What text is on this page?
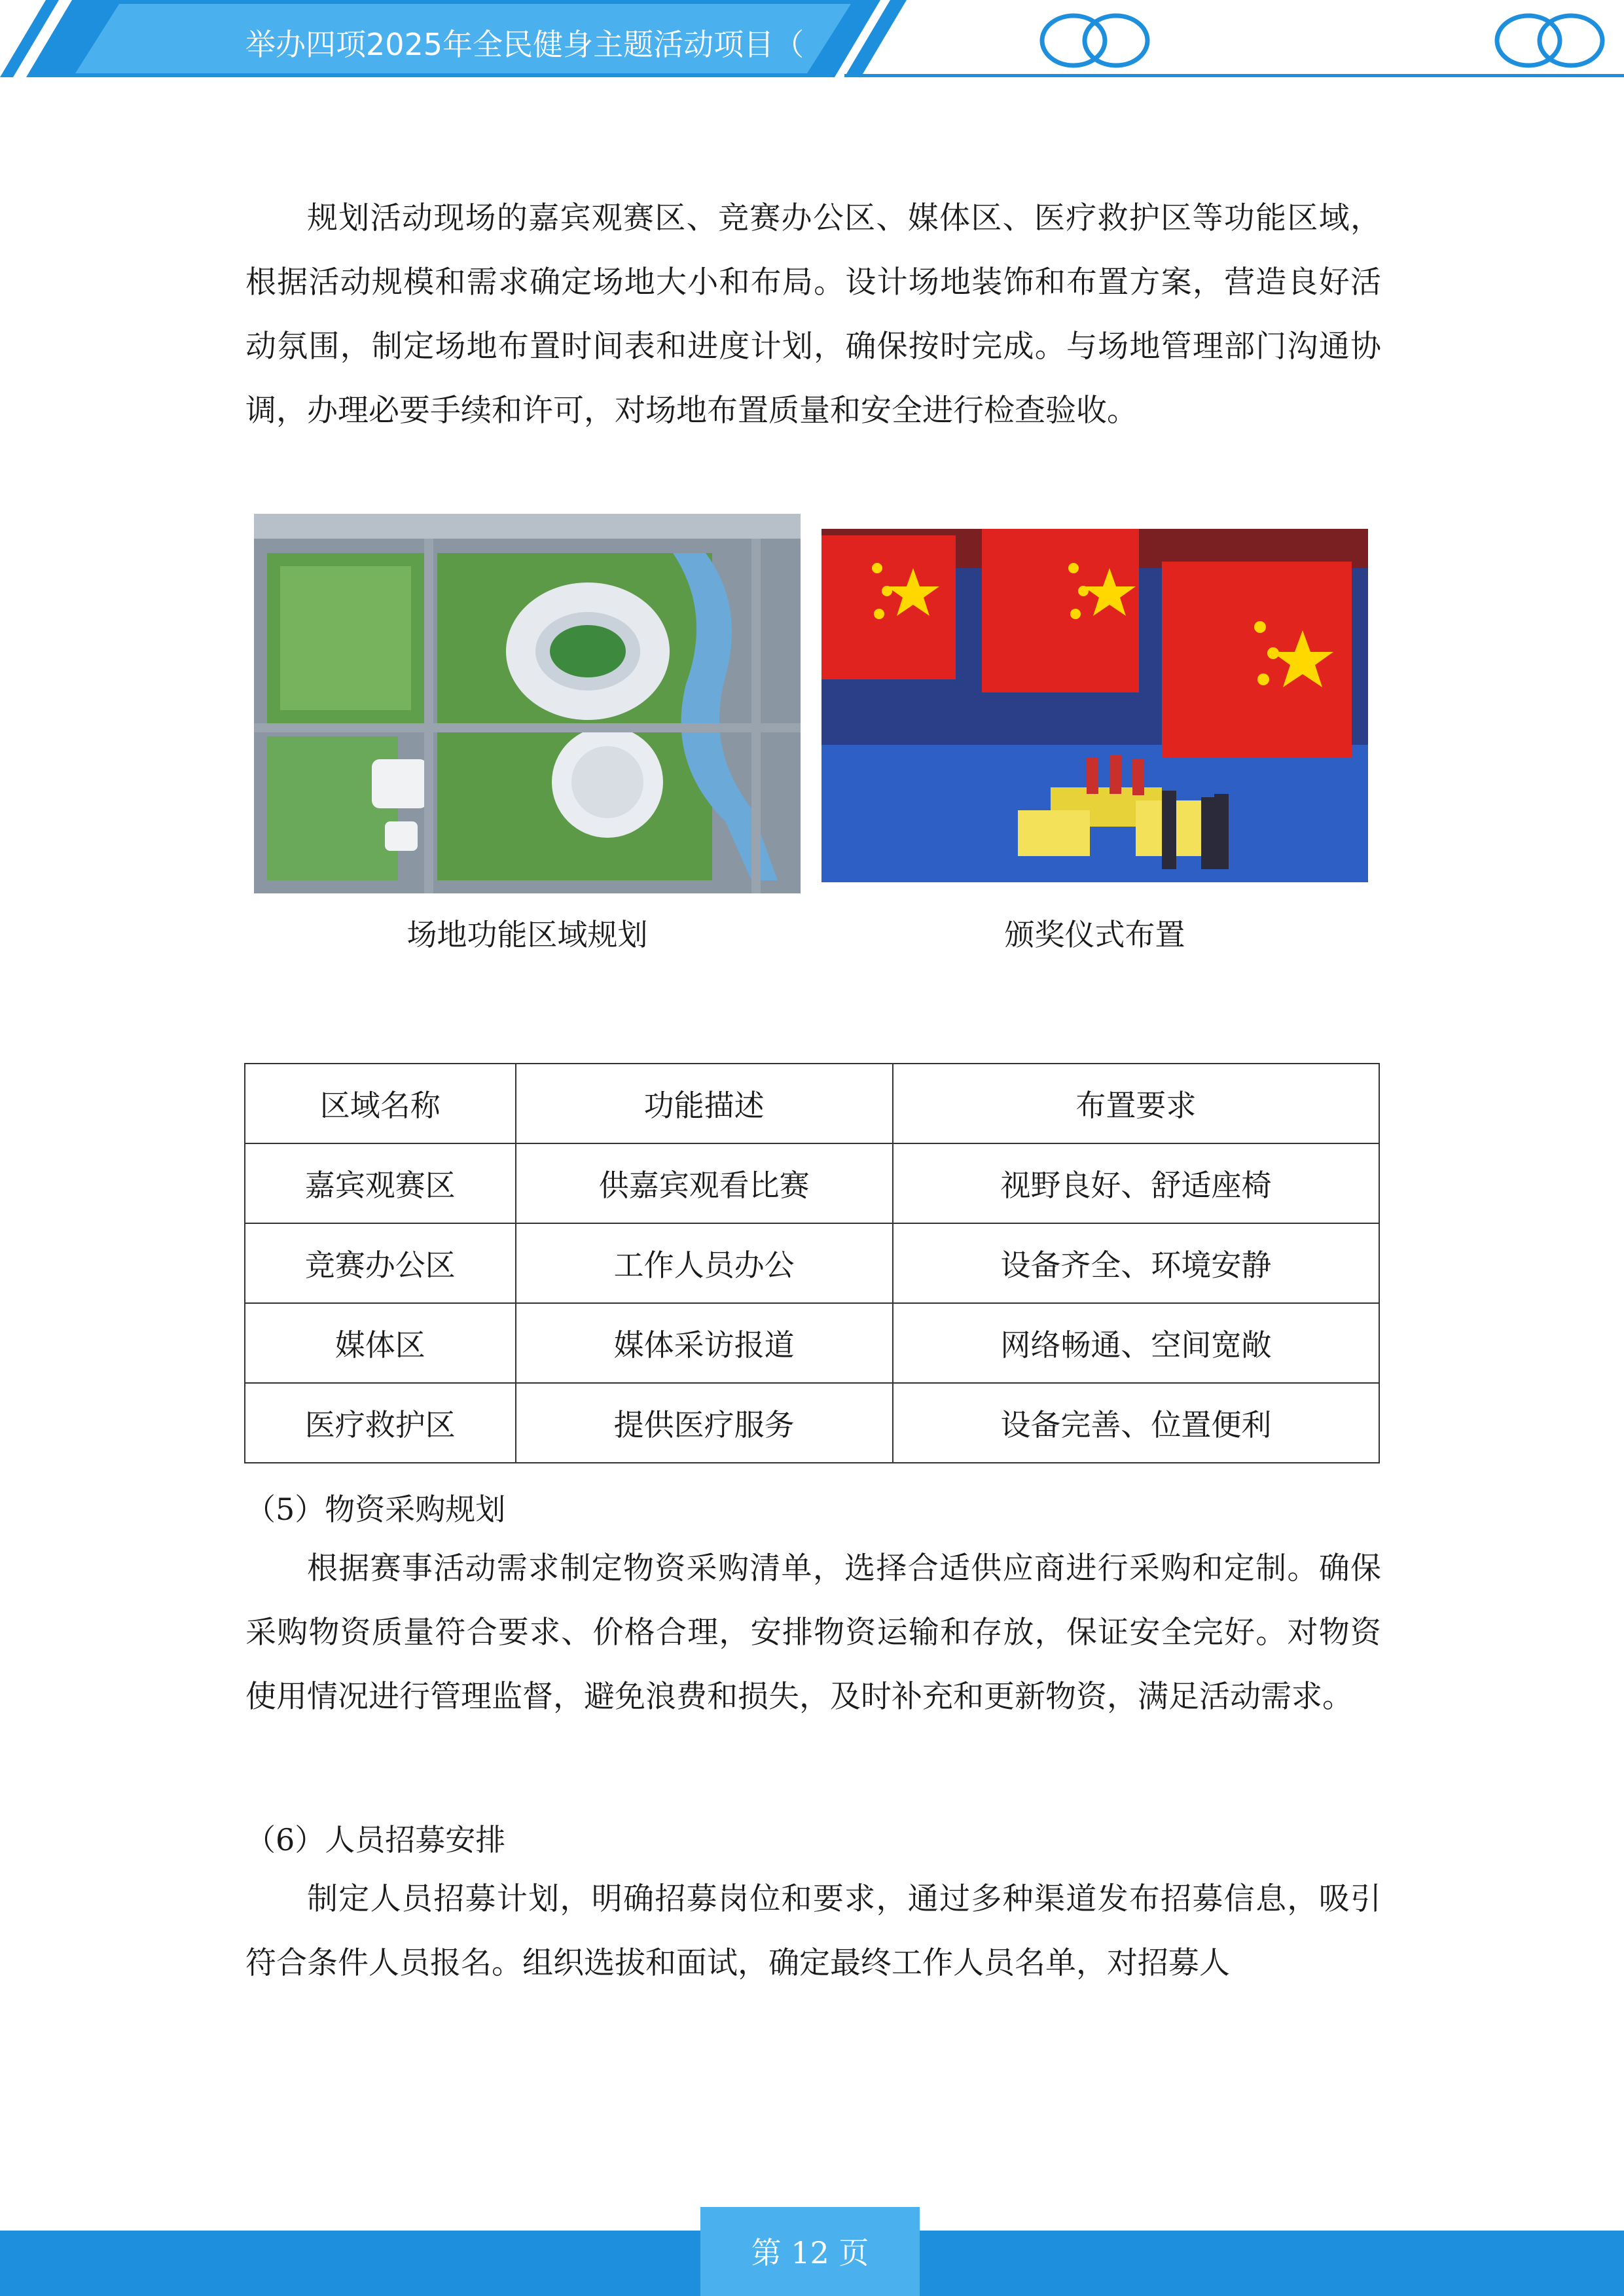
举办四项2025年全民健身主题活动项目（

规划活动现场的嘉宾观赛区、竞赛办公区、媒体区、医疗救护区等功能区域，根据活动规模和需求确定场地大小和布局。设计场地装饰和布置方案，营造良好活动氛围，制定场地布置时间表和进度计划，确保按时完成。与场地管理部门沟通协调，办理必要手续和许可，对场地布置质量和安全进行检查验收。

场地功能区域规划	颁奖仪式布置
区域名称	功能描述	布置要求
嘉宾观赛区	供嘉宾观看比赛	视野良好、舒适座椅
竞赛办公区	工作人员办公	设备齐全、环境安静
媒体区	媒体采访报道	网络畅通、空间宽敞
医疗救护区	提供医疗服务	设备完善、位置便利
（5）物资采购规划

根据赛事活动需求制定物资采购清单，选择合适供应商进行采购和定制。确保采购物资质量符合要求、价格合理，安排物资运输和存放，保证安全完好。对物资使用情况进行管理监督，避免浪费和损失，及时补充和更新物资，满足活动需求。

（6）人员招募安排

制定人员招募计划，明确招募岗位和要求，通过多种渠道发布招募信息，吸引符合条件人员报名。组织选拔和面试，确定最终工作人员名单，对招募人

第 12 页
